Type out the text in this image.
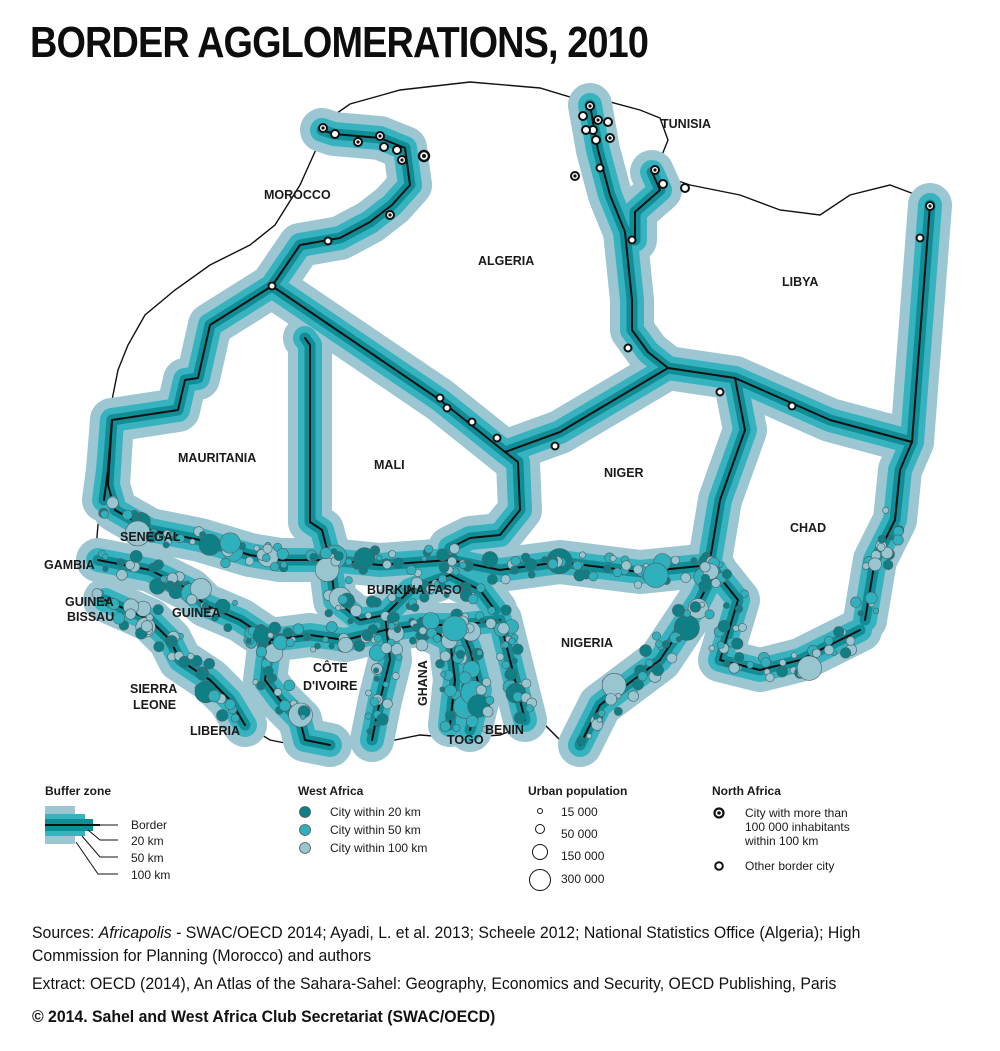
BORDER AGGLOMERATIONS, 2010
MOROCCO
ALGERIA
TUNISIA
LIBYA
MAURITANIA	MALI
NIGER
CHAD
SENEGAL
GAMBIA
GUINEA
BISSAU	GUINEA
BURKINA FASO
NIGERIA
CÔTE
D'IVOIRE	GHANA
SIERRA
LEONE
LIBERIA
TOGO
BENIN
Buffer zone
Border
20 km
50 km
100 km
West Africa
City within 20 km
City within 50 km
City within 100 km
Urban population
15 000
50 000
150 000
300 000
North Africa
City with more than
100 000 inhabitants
within 100 km
Other border city

Sources: Africapolis - SWAC/OECD 2014; Ayadi, L. et al. 2013; Scheele 2012; National Statistics Office (Algeria); High Commission for Planning (Morocco) and authors

Extract: OECD (2014), An Atlas of the Sahara-Sahel: Geography, Economics and Security, OECD Publishing, Paris

© 2014. Sahel and West Africa Club Secretariat (SWAC/OECD)
